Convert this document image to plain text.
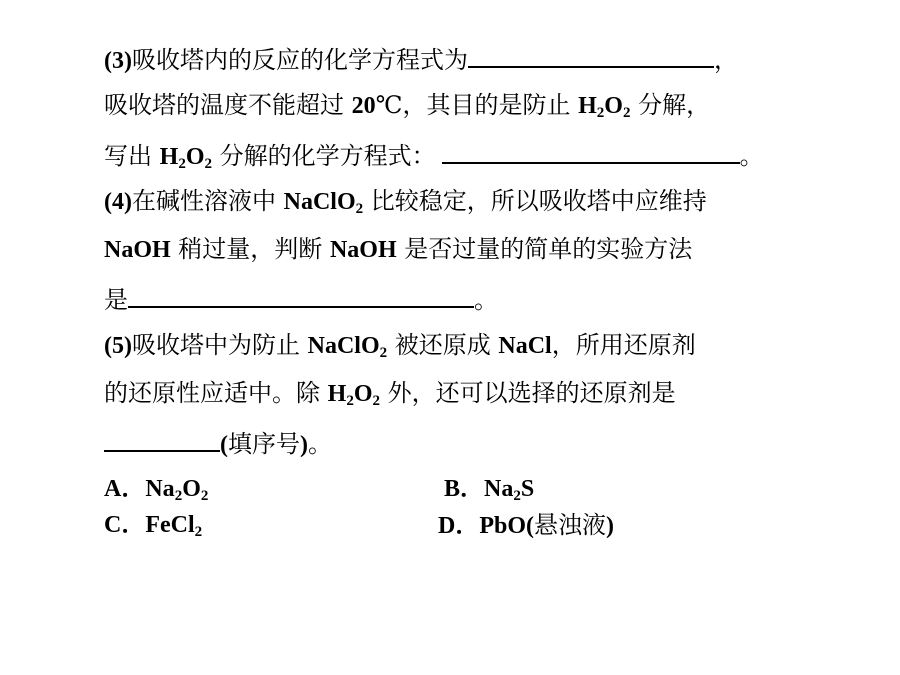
(3)吸收塔内的反应的化学方程式为	，
吸收塔的温度不能超过 20℃，其目的是防止 $H_2O_2$ 分解，
写出 $H_2O_2$ 分解的化学方程式：	。
(4)在碱性溶液中 NaClO$_2$ 比较稳定，所以吸收塔中应维持
NaOH 稍过量，判断 NaOH 是否过量的简单的实验方法
是	。
(5)吸收塔中为防止 NaClO$_2$ 被还原成 NaCl，所用还原剂
的还原性应适中。除 $H_2O_2$ 外，还可以选择的还原剂是
(填序号)。
A．$Na_2O_2$	B．$Na_2S$
C．FeCl$_2$	D．PbO(悬浊液)
